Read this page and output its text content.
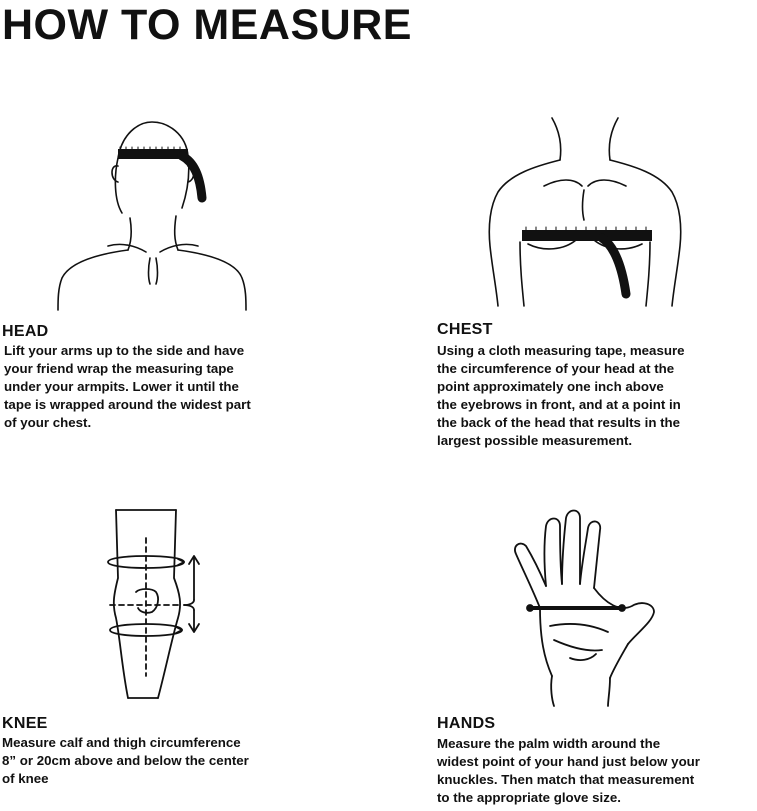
HOW TO MEASURE
HEAD
Lift your arms up to the side and have
your friend wrap the measuring tape
under your armpits. Lower it until the
tape is wrapped around the widest part
of your chest.
CHEST
Using a cloth measuring tape, measure
the circumference of your head at the
point approximately one inch above
the eyebrows in front, and at a point in
the back of the head that results in the
largest possible measurement.
KNEE
Measure calf and thigh circumference
8” or 20cm above and below the center
of knee
HANDS
Measure the palm width around the
widest point of your hand just below your
knuckles. Then match that measurement
to the appropriate glove size.
